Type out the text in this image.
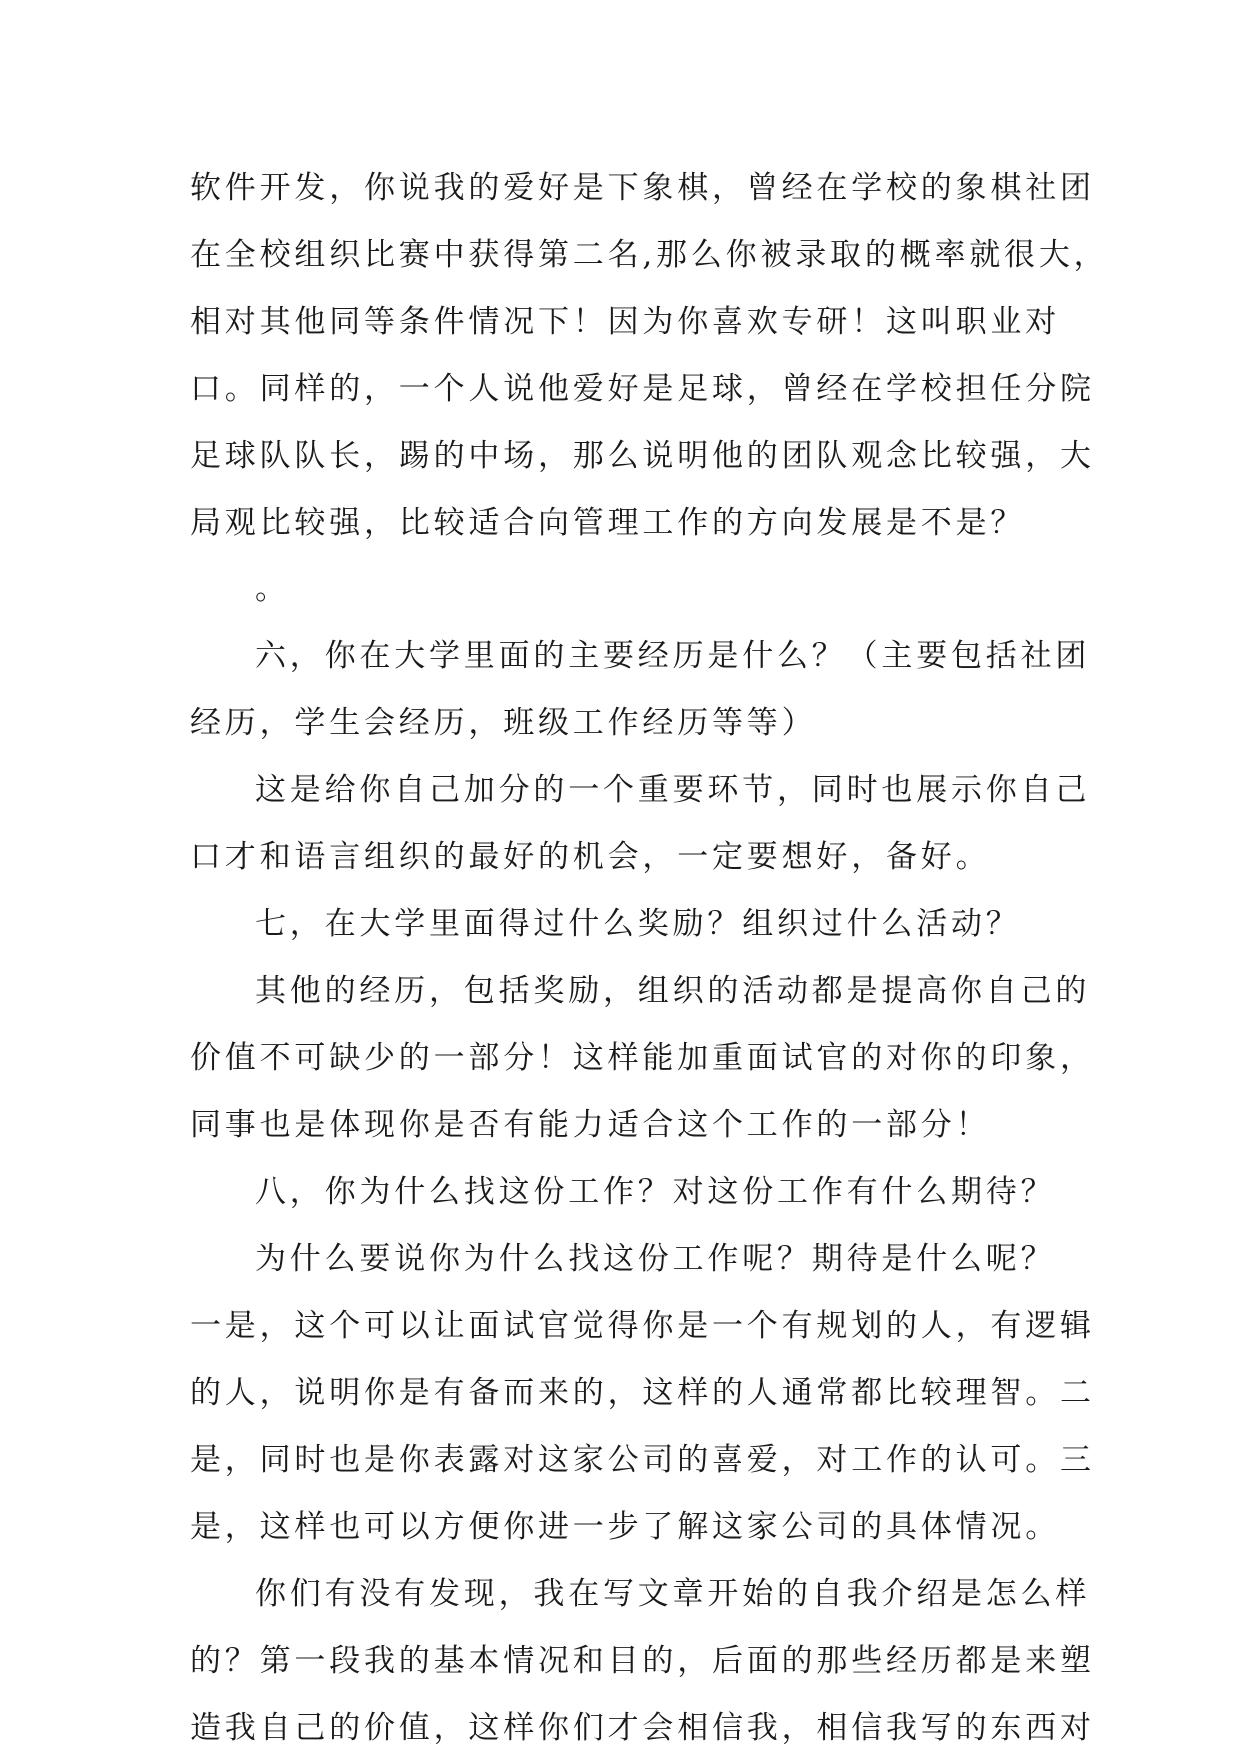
软件开发，你说我的爱好是下象棋，曾经在学校的象棋社团
在全校组织比赛中获得第二名,那么你被录取的概率就很大，
相对其他同等条件情况下！因为你喜欢专研！这叫职业对
口。同样的，一个人说他爱好是足球，曾经在学校担任分院
足球队队长，踢的中场，那么说明他的团队观念比较强，大
局观比较强，比较适合向管理工作的方向发展是不是？
。
六，你在大学里面的主要经历是什么？（主要包括社团
经历，学生会经历，班级工作经历等等）
这是给你自己加分的一个重要环节，同时也展示你自己
口才和语言组织的最好的机会，一定要想好，备好。
七，在大学里面得过什么奖励？组织过什么活动？
其他的经历，包括奖励，组织的活动都是提高你自己的
价值不可缺少的一部分！这样能加重面试官的对你的印象，
同事也是体现你是否有能力适合这个工作的一部分！
八，你为什么找这份工作？对这份工作有什么期待？
为什么要说你为什么找这份工作呢？期待是什么呢？
一是，这个可以让面试官觉得你是一个有规划的人，有逻辑
的人，说明你是有备而来的，这样的人通常都比较理智。二
是，同时也是你表露对这家公司的喜爱，对工作的认可。三
是，这样也可以方便你进一步了解这家公司的具体情况。
你们有没有发现，我在写文章开始的自我介绍是怎么样
的？第一段我的基本情况和目的，后面的那些经历都是来塑
造我自己的价值，这样你们才会相信我，相信我写的东西对
